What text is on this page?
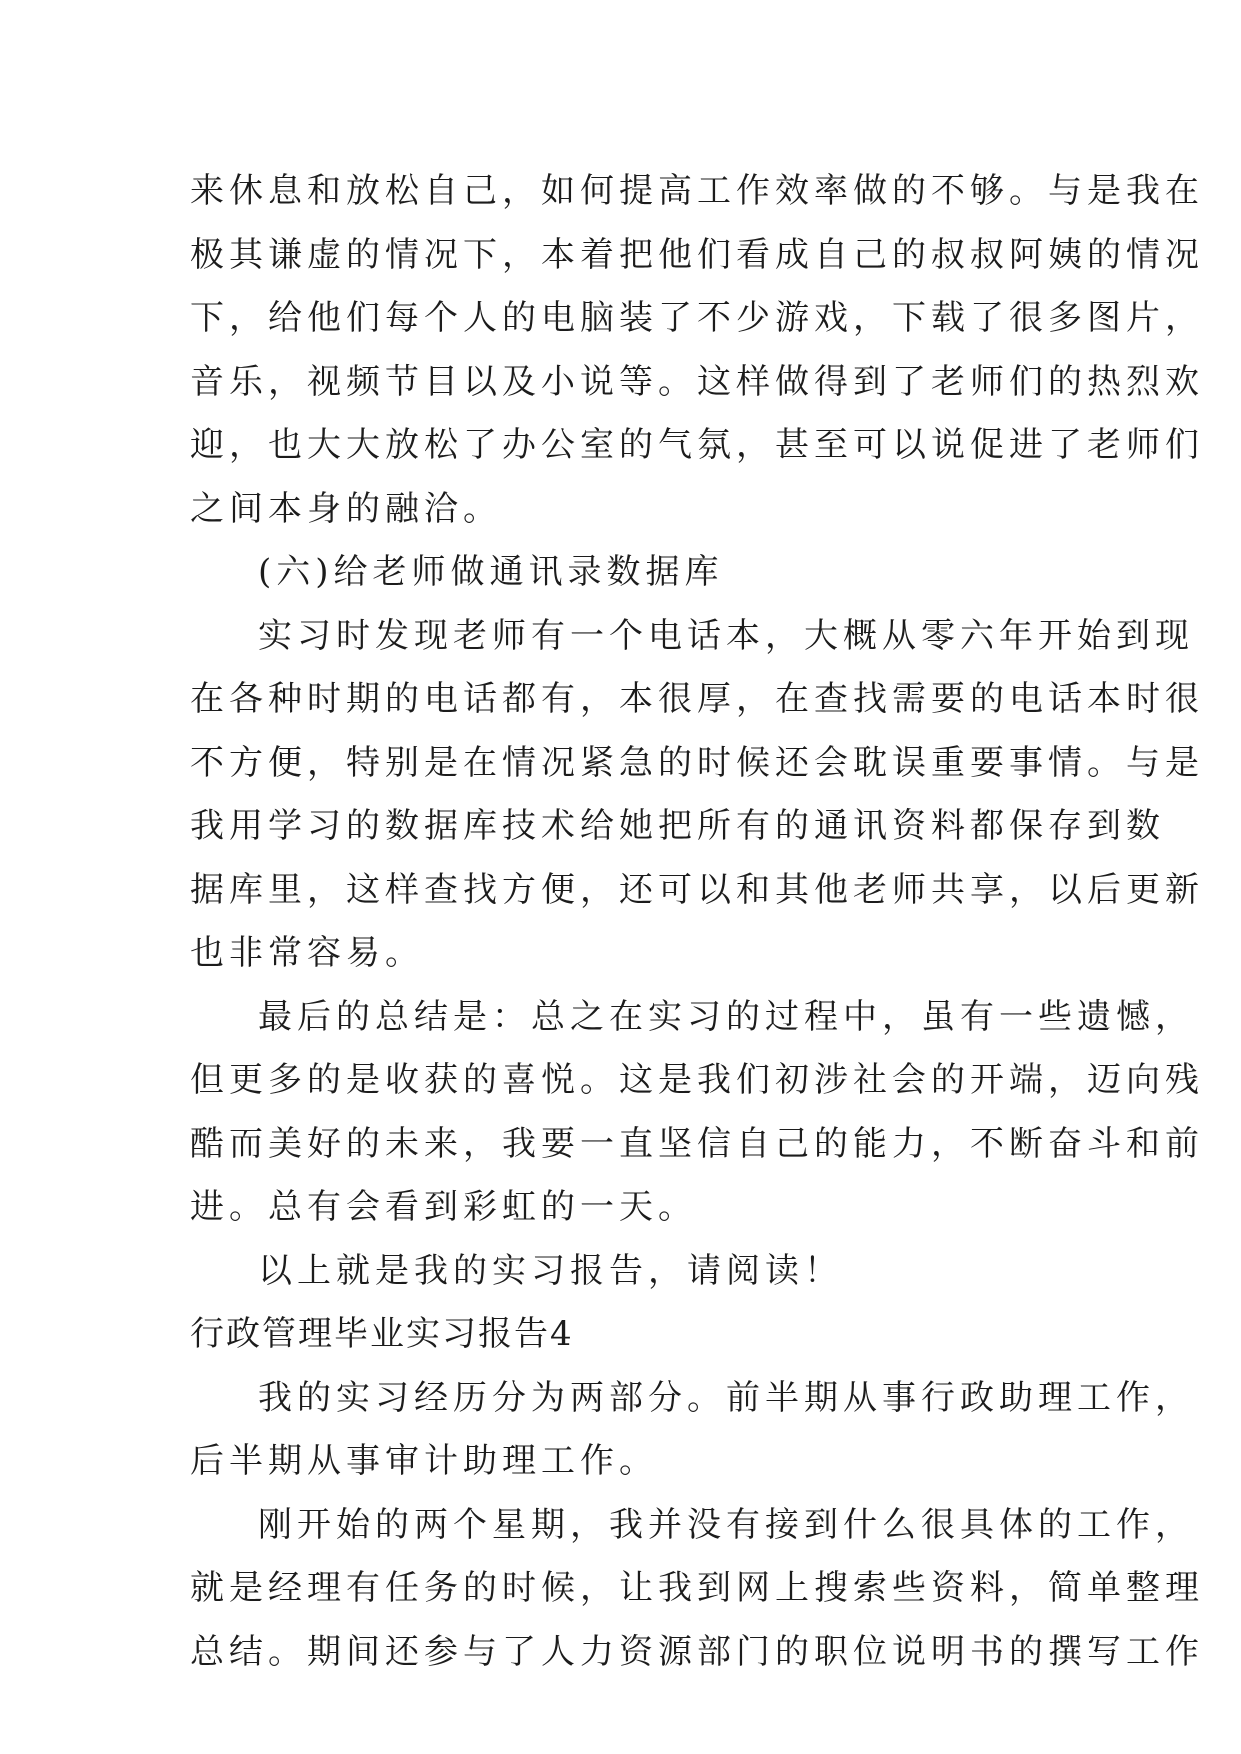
来休息和放松自己，如何提高工作效率做的不够。与是我在
极其谦虚的情况下，本着把他们看成自己的叔叔阿姨的情况
下，给他们每个人的电脑装了不少游戏，下载了很多图片，
音乐，视频节目以及小说等。这样做得到了老师们的热烈欢
迎，也大大放松了办公室的气氛，甚至可以说促进了老师们
之间本身的融洽。
(六)给老师做通讯录数据库
实习时发现老师有一个电话本，大概从零六年开始到现
在各种时期的电话都有，本很厚，在查找需要的电话本时很
不方便，特别是在情况紧急的时候还会耽误重要事情。与是
我用学习的数据库技术给她把所有的通讯资料都保存到数
据库里，这样查找方便，还可以和其他老师共享，以后更新
也非常容易。
最后的总结是：总之在实习的过程中，虽有一些遗憾，
但更多的是收获的喜悦。这是我们初涉社会的开端，迈向残
酷而美好的未来，我要一直坚信自己的能力，不断奋斗和前
进。总有会看到彩虹的一天。
以上就是我的实习报告，请阅读！
行政管理毕业实习报告4
我的实习经历分为两部分。前半期从事行政助理工作，
后半期从事审计助理工作。
刚开始的两个星期，我并没有接到什么很具体的工作，
就是经理有任务的时候，让我到网上搜索些资料，简单整理
总结。期间还参与了人力资源部门的职位说明书的撰写工作
